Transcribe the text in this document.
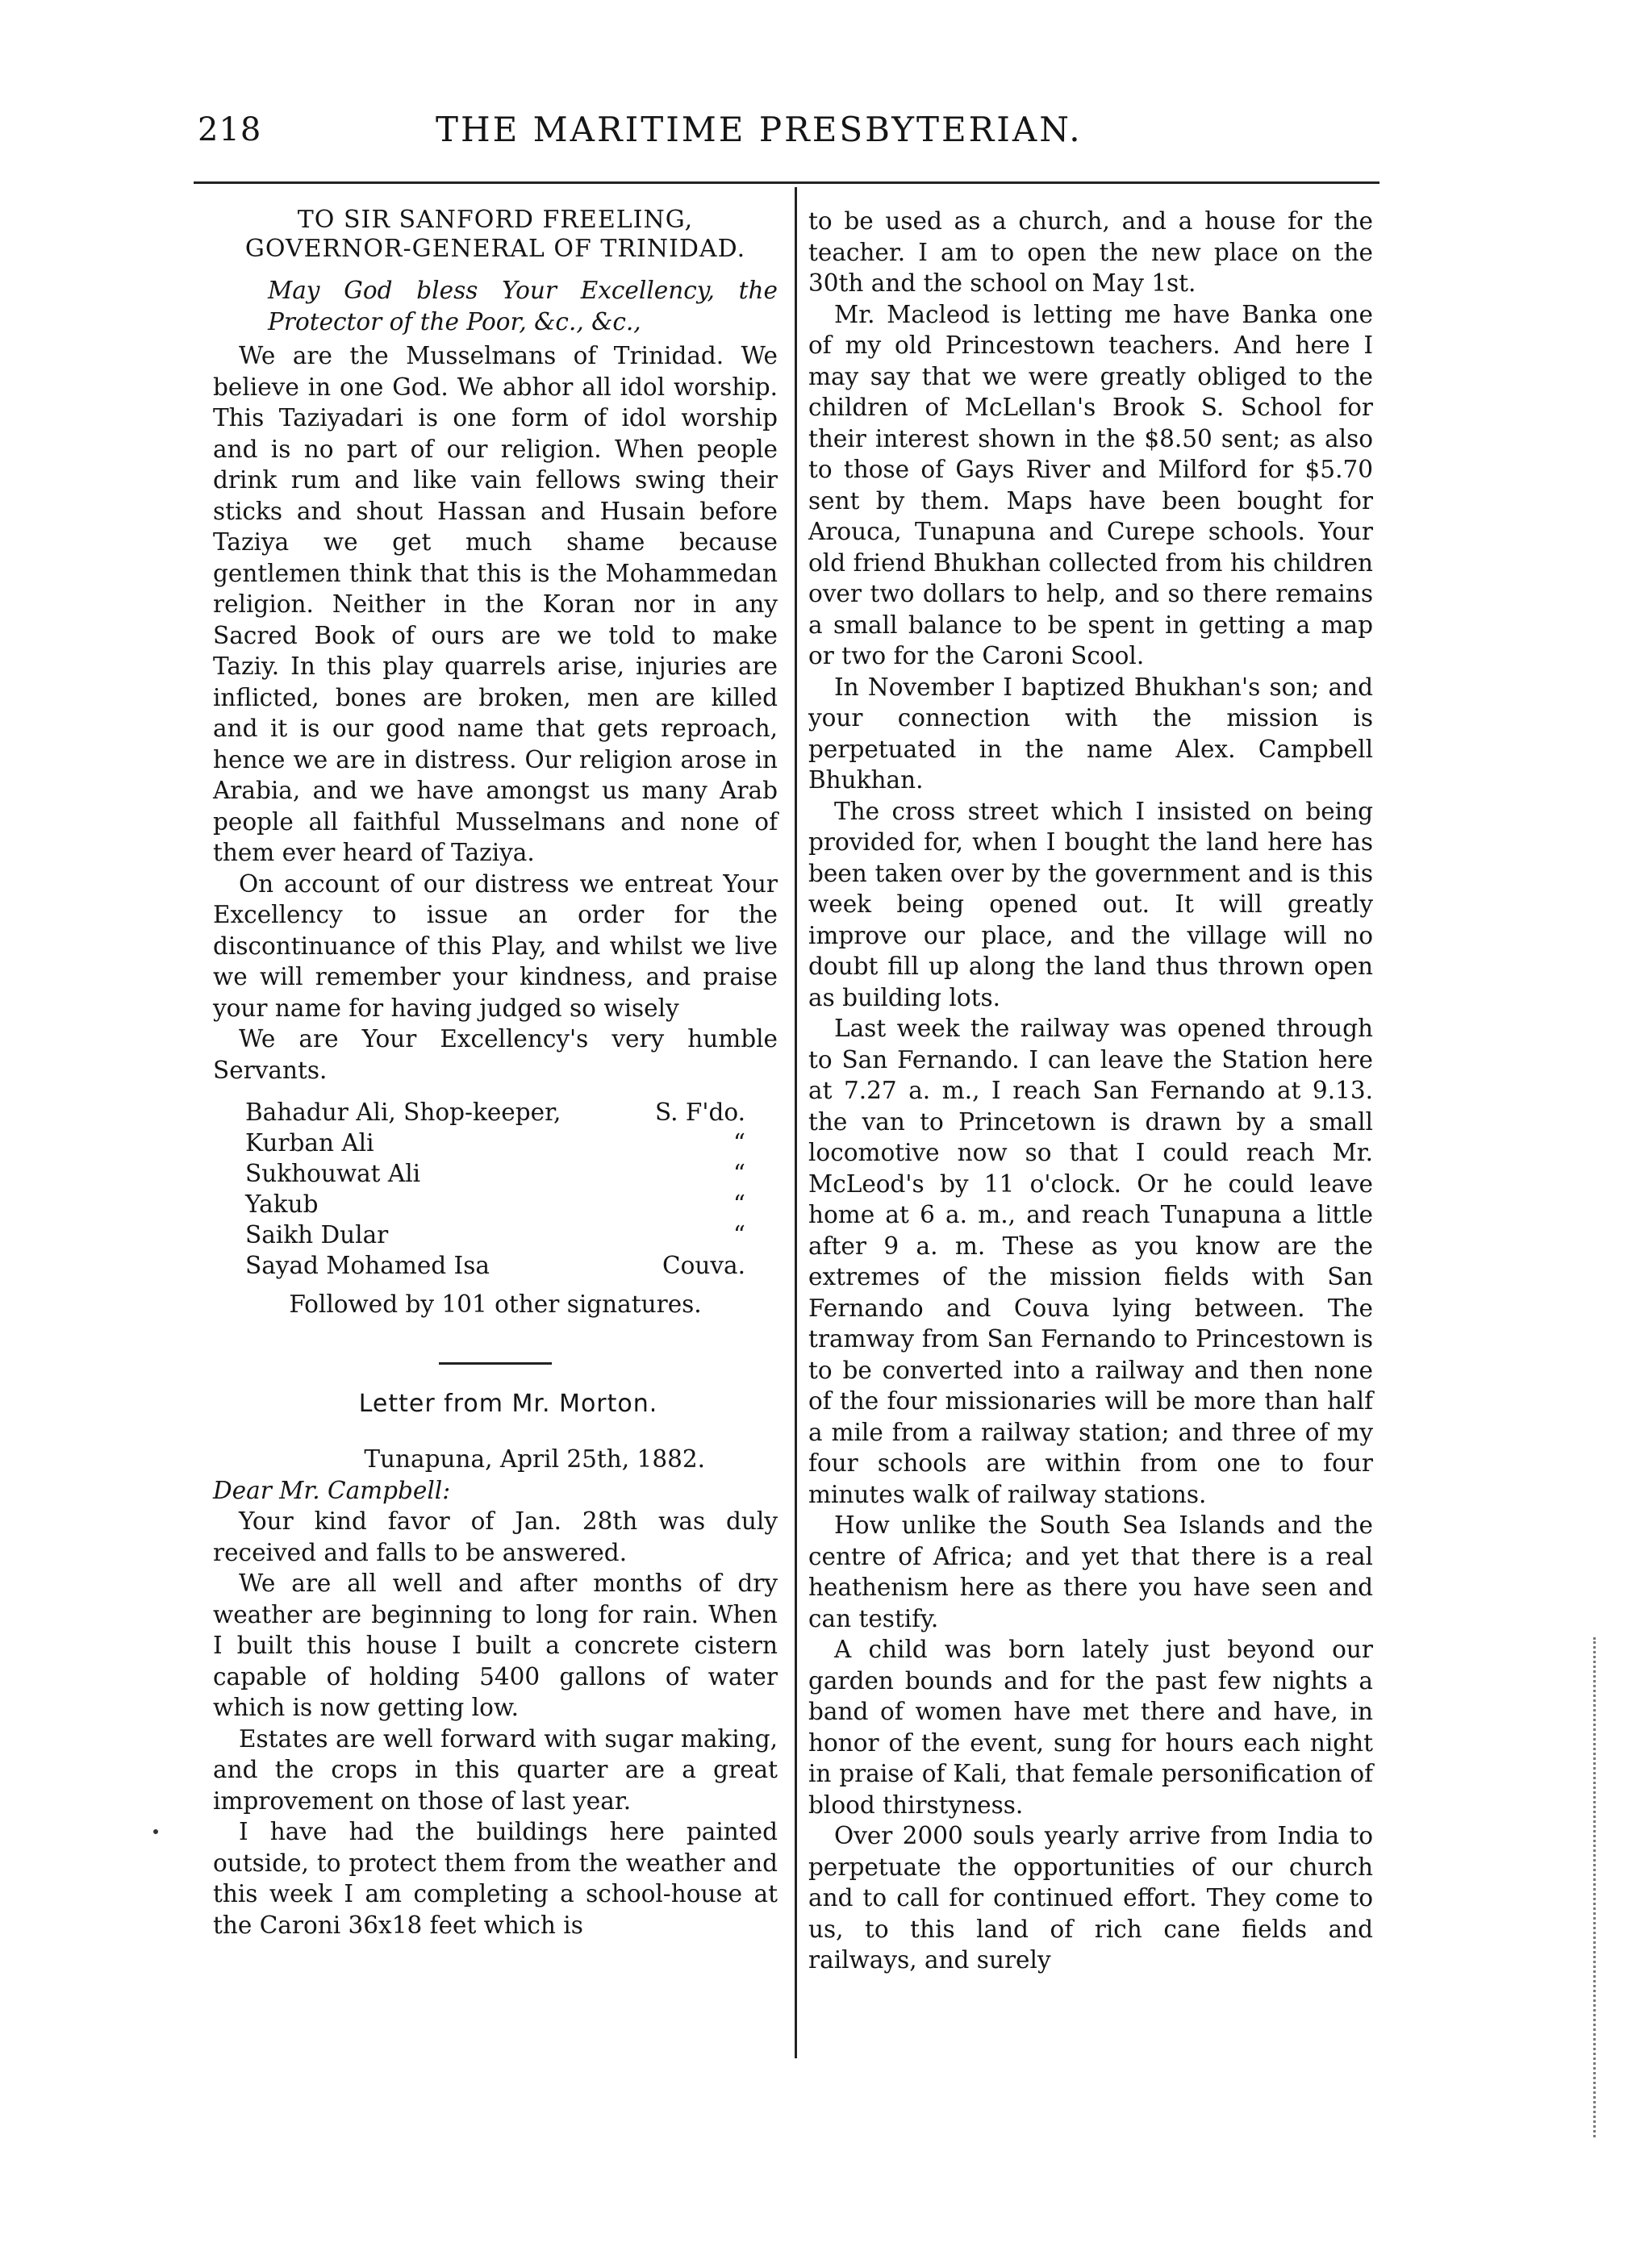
218	THE MARITIME PRESBYTERIAN.

TO SIR SANFORD FREELING, GOVERNOR-GENERAL OF TRINIDAD.

May God bless Your Excellency, the Protector of the Poor, &c., &c.,

We are the Musselmans of Trinidad. We believe in one God. We abhor all idol worship. This Taziyadari is one form of idol worship and is no part of our religion. When people drink rum and like vain fellows swing their sticks and shout Hassan and Husain before Taziya we get much shame because gentlemen think that this is the Mohammedan religion. Neither in the Koran nor in any Sacred Book of ours are we told to make Taziy. In this play quarrels arise, injuries are inflicted, bones are broken, men are killed and it is our good name that gets reproach, hence we are in distress. Our religion arose in Arabia, and we have amongst us many Arab people all faithful Musselmans and none of them ever heard of Taziya.

On account of our distress we entreat Your Excellency to issue an order for the discontinuance of this Play, and whilst we live we will remember your kindness, and praise your name for having judged so wisely

We are Your Excellency's very humble Servants.

Bahadur Ali, Shop-keeper,	S. F'do.
Kurban Ali	“
Sukhouwat Ali	“
Yakub	“
Saikh Dular	“
Sayad Mohamed Isa	Couva.

Followed by 101 other signatures.

Letter from Mr. Morton.

Tunapuna, April 25th, 1882.

Dear Mr. Campbell:

Your kind favor of Jan. 28th was duly received and falls to be answered.

We are all well and after months of dry weather are beginning to long for rain. When I built this house I built a concrete cistern capable of holding 5400 gallons of water which is now getting low.

Estates are well forward with sugar making, and the crops in this quarter are a great improvement on those of last year.

I have had the buildings here painted outside, to protect them from the weather and this week I am completing a school-house at the Caroni 36x18 feet which is

to be used as a church, and a house for the teacher. I am to open the new place on the 30th and the school on May 1st.

Mr. Macleod is letting me have Banka one of my old Princestown teachers. And here I may say that we were greatly obliged to the children of McLellan's Brook S. School for their interest shown in the $8.50 sent; as also to those of Gays River and Milford for $5.70 sent by them. Maps have been bought for Arouca, Tunapuna and Curepe schools. Your old friend Bhukhan collected from his children over two dollars to help, and so there remains a small balance to be spent in getting a map or two for the Caroni Scool.

In November I baptized Bhukhan's son; and your connection with the mission is perpetuated in the name Alex. Campbell Bhukhan.

The cross street which I insisted on being provided for, when I bought the land here has been taken over by the government and is this week being opened out. It will greatly improve our place, and the village will no doubt fill up along the land thus thrown open as building lots.

Last week the railway was opened through to San Fernando. I can leave the Station here at 7.27 a. m., I reach San Fernando at 9.13. the van to Princetown is drawn by a small locomotive now so that I could reach Mr. McLeod's by 11 o'clock. Or he could leave home at 6 a. m., and reach Tunapuna a little after 9 a. m. These as you know are the extremes of the mission fields with San Fernando and Couva lying between. The tramway from San Fernando to Princestown is to be converted into a railway and then none of the four missionaries will be more than half a mile from a railway station; and three of my four schools are within from one to four minutes walk of railway stations.

How unlike the South Sea Islands and the centre of Africa; and yet that there is a real heathenism here as there you have seen and can testify.

A child was born lately just beyond our garden bounds and for the past few nights a band of women have met there and have, in honor of the event, sung for hours each night in praise of Kali, that female personification of blood thirstyness.

Over 2000 souls yearly arrive from India to perpetuate the opportunities of our church and to call for continued effort. They come to us, to this land of rich cane fields and railways, and surely
